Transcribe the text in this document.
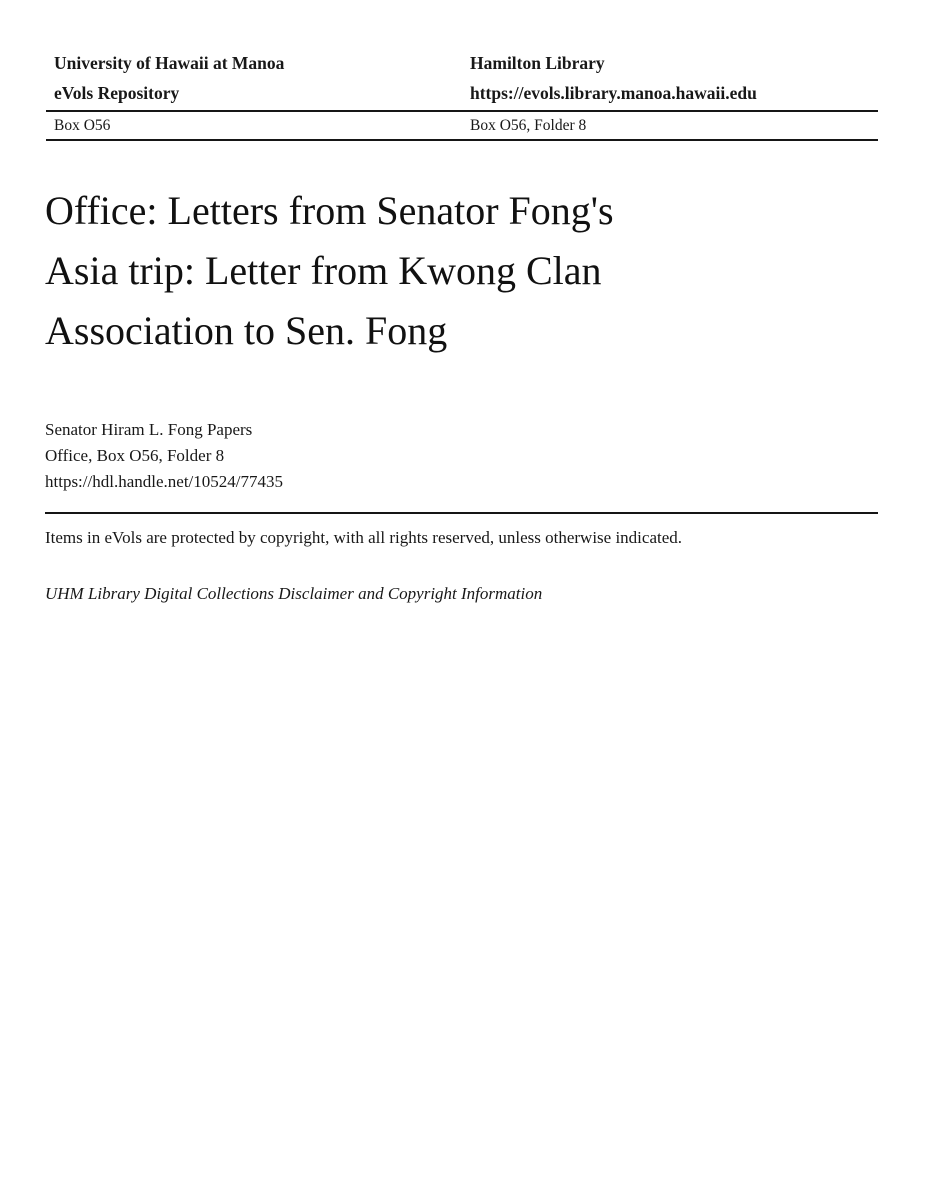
University of Hawaii at Manoa
eVols Repository
Hamilton Library
https://evols.library.manoa.hawaii.edu
Box O56	Box O56, Folder 8
Office: Letters from Senator Fong's
Asia trip: Letter from Kwong Clan
Association to Sen. Fong
Senator Hiram L. Fong Papers
Office, Box O56, Folder 8
https://hdl.handle.net/10524/77435

Items in eVols are protected by copyright, with all rights reserved, unless otherwise indicated.

UHM Library Digital Collections Disclaimer and Copyright Information
